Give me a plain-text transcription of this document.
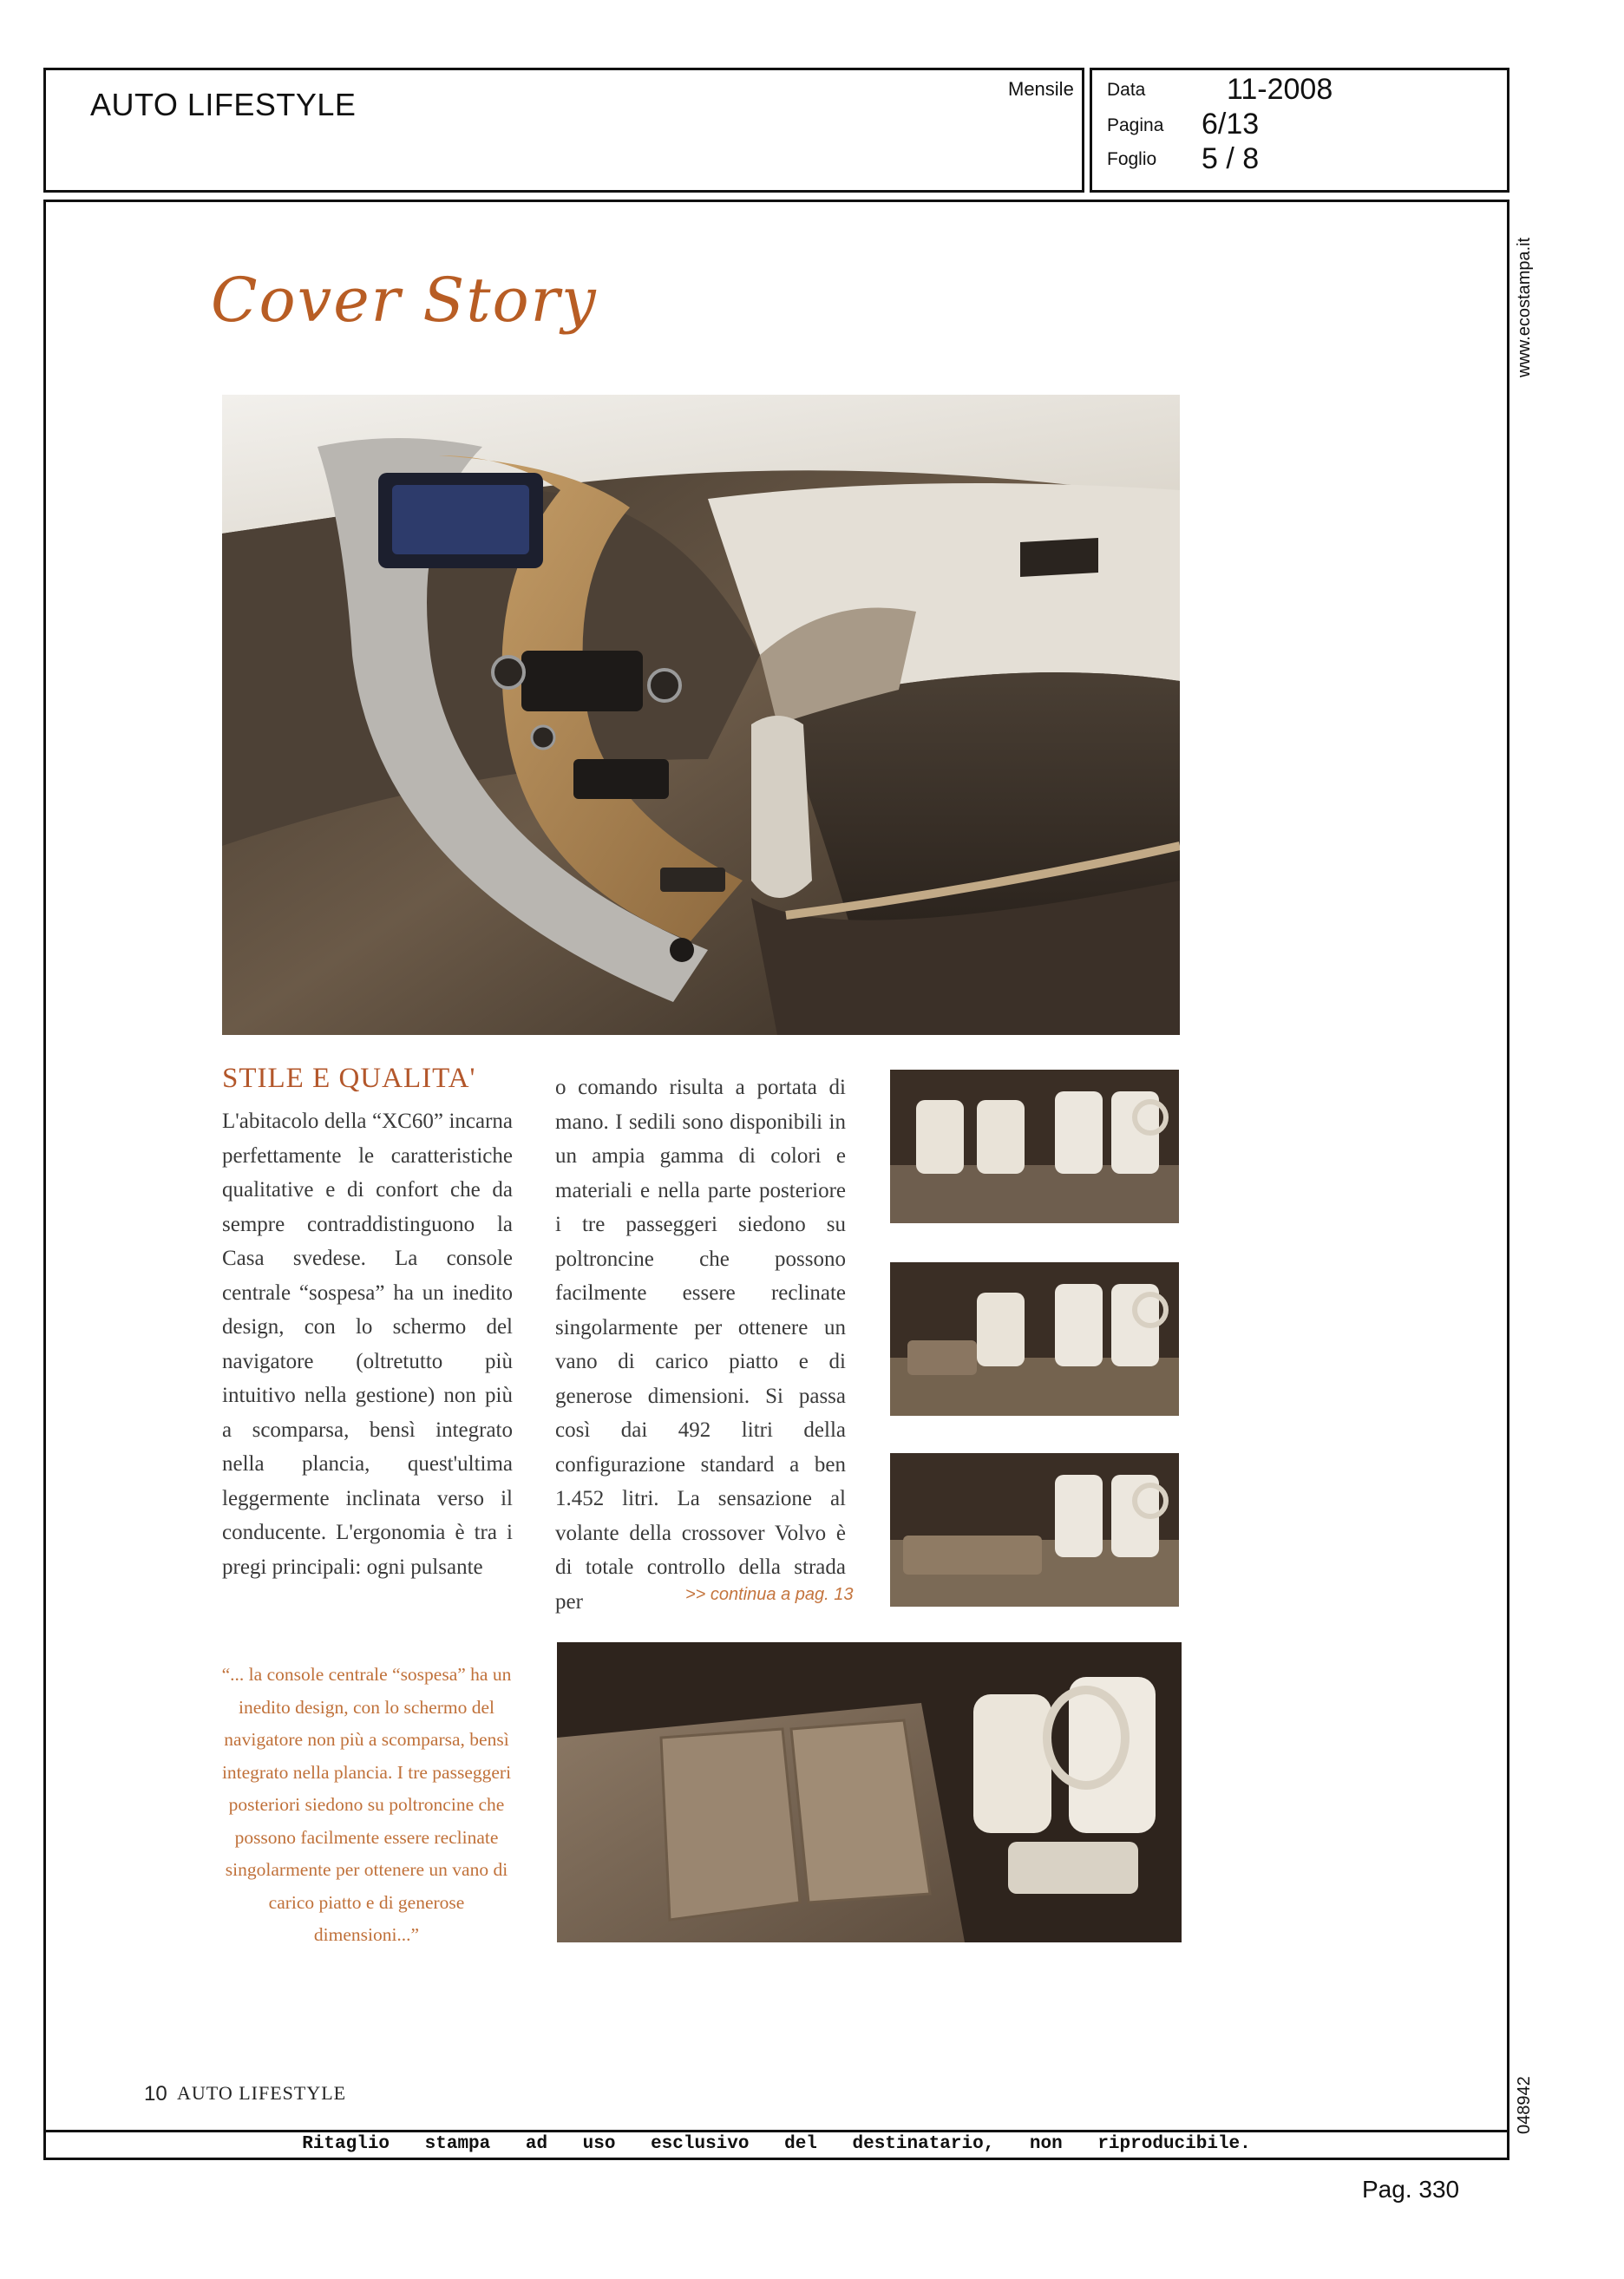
AUTO LIFESTYLE	Mensile Data	11-2008
Pagina 6/13
Foglio 5 / 8
Ritaglio stampa ad uso esclusivo del destinatario, non riproducibile.
www.ecostampa.it
048942
Pag. 330
Cover Story
STILE E QUALITA'

L'abitacolo della “XC60” incarna perfettamente le caratteristiche qualitative e di confort che da sempre contraddistinguono la Casa svedese. La console centrale “sospesa” ha un inedito design, con lo schermo del navigatore (oltretutto più intuitivo nella gestione) non più a scomparsa, bensì integrato nella plancia, quest'ultima leggermente inclinata verso il conducente. L'ergonomia è tra i pregi principali: ogni pulsante

o comando risulta a portata di mano. I sedili sono disponibili in un ampia gamma di colori e materiali e nella parte posteriore i tre passeggeri siedono su poltroncine che possono facilmente essere reclinate singolarmente per ottenere un vano di carico piatto e di generose dimensioni. Si passa così dai 492 litri della configurazione standard a ben 1.452 litri. La sensazione al volante della crossover Volvo è di totale controllo della strada per	>> continua a pag. 13
“... la console centrale “sospesa” ha un inedito design, con lo schermo del navigatore non più a scomparsa, bensì integrato nella plancia. I tre passeggeri posteriori siedono su poltroncine che possono facilmente essere reclinate singolarmente per ottenere un vano di carico piatto e di generose dimensioni...”
10 AUTO LIFESTYLE
